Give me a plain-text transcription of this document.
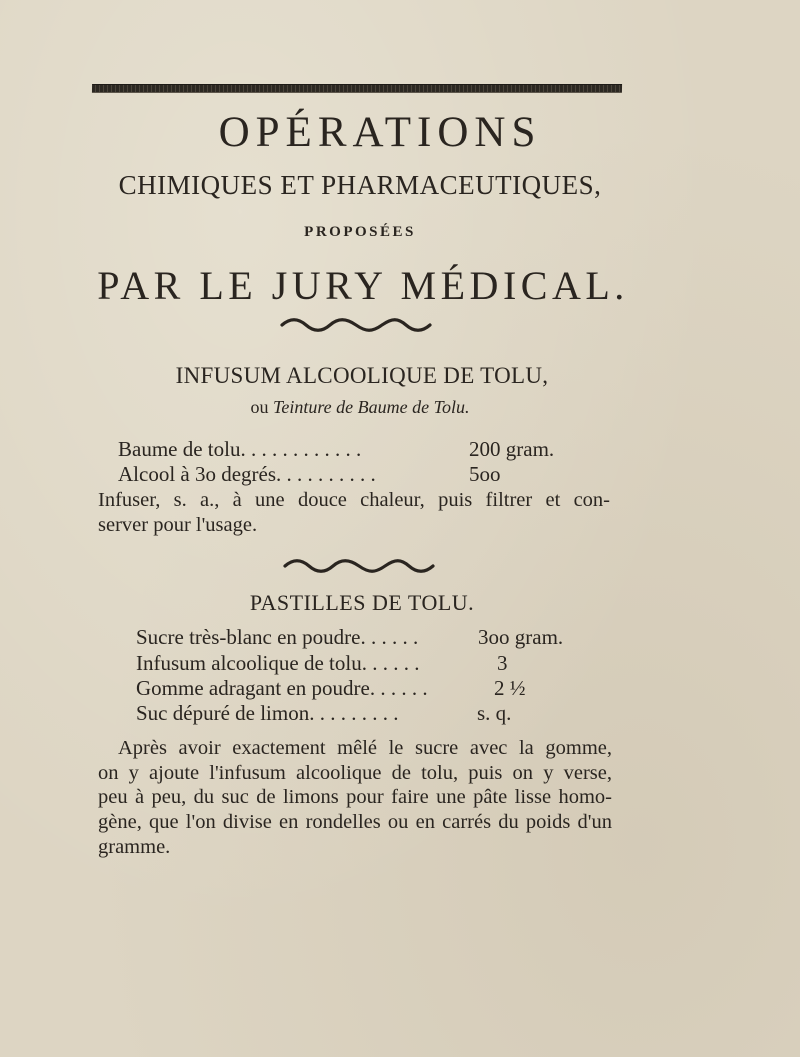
OPÉRATIONS
CHIMIQUES ET PHARMACEUTIQUES,
PROPOSÉES
PAR LE JURY MÉDICAL.
INFUSUM ALCOOLIQUE DE TOLU,
ou Teinture de Baume de Tolu.
Baume de tolu. . . . . . . . . . . .	200 gram.
Alcool à 3o degrés. . . . . . . . . .	5oo
Infuser, s. a., à une douce chaleur, puis filtrer et con-
server pour l'usage.
PASTILLES DE TOLU.
Sucre très-blanc en poudre. . . . . .	3oo gram.
Infusum alcoolique de tolu. . . . . .	3
Gomme adragant en poudre. . . . . .	2 ½
Suc dépuré de limon. . . . . . . . .	s. q.
Après avoir exactement mêlé le sucre avec la gomme,
on y ajoute l'infusum alcoolique de tolu, puis on y verse,
peu à peu, du suc de limons pour faire une pâte lisse homo-
gène, que l'on divise en rondelles ou en carrés du poids d'un
gramme.
